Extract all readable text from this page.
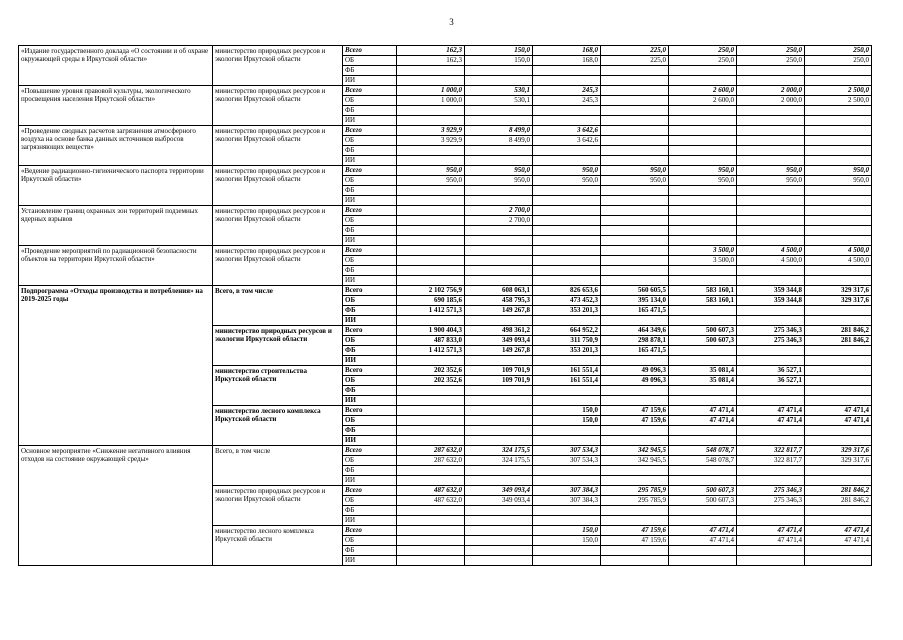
3
«Издание государственного доклада «О состоянии и об охране окружающей среды в Иркутской области»	министерство природных ресурсов и экологии Иркутской области	Всего	162,3	150,0	168,0	225,0	250,0	250,0	250,0
		ОБ	162,3	150,0	168,0	225,0	250,0	250,0	250,0
		ФБ							
		ИИ							
«Повышение уровня правовой культуры, экологического просвещения населения Иркутской области»	министерство природных ресурсов и экологии Иркутской области	Всего	1 000,0	530,1	245,3		2 600,0	2 000,0	2 500,0
		ОБ	1 000,0	530,1	245,3		2 600,0	2 000,0	2 500,0
		ФБ							
		ИИ							
«Проведение сводных расчетов загрязнения атмосферного воздуха на основе банка данных источников выбросов загрязняющих веществ»	министерство природных ресурсов и экологии Иркутской области	Всего	3 929,9	8 499,0	3 642,6				
		ОБ	3 929,9	8 499,0	3 642,6				
		ФБ							
		ИИ							
«Ведение радиационно-гигиенического паспорта территории Иркутской области»	министерство природных ресурсов и экологии Иркутской области	Всего	950,0	950,0	950,0	950,0	950,0	950,0	950,0
		ОБ	950,0	950,0	950,0	950,0	950,0	950,0	950,0
		ФБ							
		ИИ							
Установление границ охранных зон территорий подземных ядерных взрывов	министерство природных ресурсов и экологии Иркутской области	Всего		2 700,0					
		ОБ		2 700,0					
		ФБ							
		ИИ							
«Проведение мероприятий по радиационной безопасности объектов на территории Иркутской области»	министерство природных ресурсов и экологии Иркутской области	Всего					3 500,0	4 500,0	4 500,0
		ОБ					3 500,0	4 500,0	4 500,0
		ФБ							
		ИИ							
Подпрограмма «Отходы производства и потребления» на 2019-2025 годы	Всего, в том числе	Всего	2 102 756,9	608 063,1	826 653,6	560 605,5	583 160,1	359 344,8	329 317,6
		ОБ	690 185,6	458 795,3	473 452,3	395 134,0	583 160,1	359 344,8	329 317,6
		ФБ	1 412 571,3	149 267,8	353 201,3	165 471,5			
		ИИ							
	министерство природных ресурсов и экологии Иркутской области	Всего	1 900 404,3	498 361,2	664 952,2	464 349,6	500 607,3	275 346,3	281 846,2
		ОБ	487 833,0	349 093,4	311 750,9	298 878,1	500 607,3	275 346,3	281 846,2
		ФБ	1 412 571,3	149 267,8	353 201,3	165 471,5			
		ИИ							
	министерство строительства Иркутской области	Всего	202 352,6	109 701,9	161 551,4	49 096,3	35 081,4	36 527,1	
		ОБ	202 352,6	109 701,9	161 551,4	49 096,3	35 081,4	36 527,1	
		ФБ							
		ИИ							
	министерство лесного комплекса Иркутской области	Всего			150,0	47 159,6	47 471,4	47 471,4	47 471,4
		ОБ			150,0	47 159,6	47 471,4	47 471,4	47 471,4
		ФБ							
		ИИ							
Основное мероприятие «Снижение негативного влияния отходов на состояние окружающей среды»	Всего, в том числе	Всего	287 632,0	324 175,5	307 534,3	342 945,5	548 078,7	322 817,7	329 317,6
		ОБ	287 632,0	324 175,5	307 534,3	342 945,5	548 078,7	322 817,7	329 317,6
		ФБ							
		ИИ							
	министерство природных ресурсов и экологии Иркутской области	Всего	487 632,0	349 093,4	307 384,3	295 785,9	500 607,3	275 346,3	281 846,2
		ОБ	487 632,0	349 093,4	307 384,3	295 785,9	500 607,3	275 346,3	281 846,2
		ФБ							
		ИИ							
	министерство лесного комплекса Иркутской области	Всего			150,0	47 159,6	47 471,4	47 471,4	47 471,4
		ОБ			150,0	47 159,6	47 471,4	47 471,4	47 471,4
		ФБ							
		ИИ							
